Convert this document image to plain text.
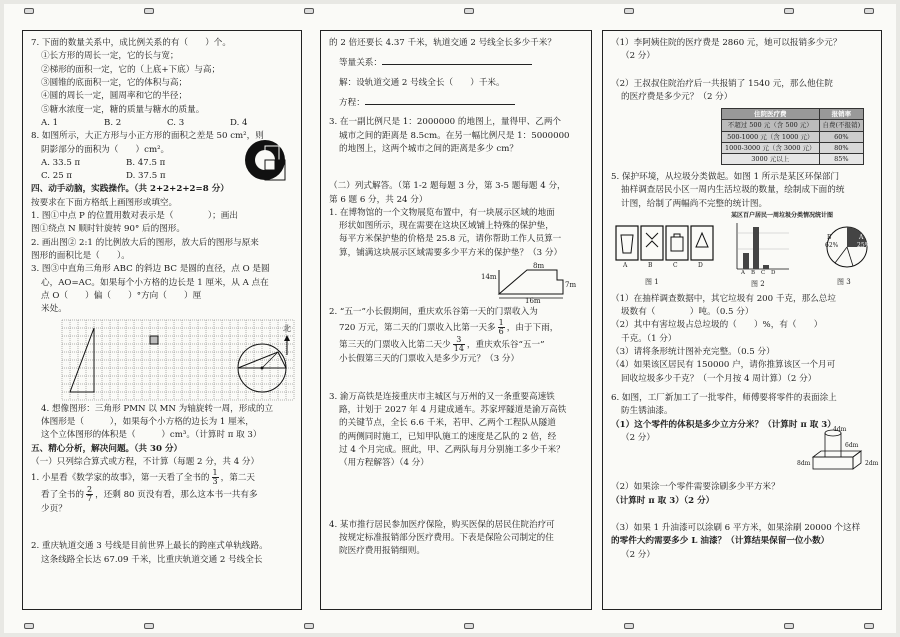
7. 下面的数量关系中，成比例关系的有（　　）个。
①长方形的周长一定，它的长与宽；
②梯形的面积一定，它的（上底+下底）与高；
③圆锥的底面积一定，它的体积与高；
④圆的周长一定，圆周率和它的半径；
⑤糖水浓度一定，糖的质量与糖水的质量。
A. 1	B. 2	C. 3	D. 4
8. 如图所示，大正方形与小正方形的面积之差是 50 cm²，则
阴影部分的面积为（　　）cm²。
A. 33.5 π	B. 47.5 π
C. 25 π	D. 37.5 π
四、动手动脑，实践操作。（共 2+2+2+2=8 分）
按要求在下面方格纸上画图形或填空。
1. 图①中点 P 的位置用数对表示是（　　　　）；画出
图①绕点 N 顺时针旋转 90° 后的图形。
2. 画出图② 2:1 的比例放大后的图形，放大后的图形与原来
图形的面积比是（　　）。
3. 图③中直角三角形 ABC 的斜边 BC 是圆的直径，点 O 是圆
心，AO=AC。如果每个小方格的边长是 1 厘米，从 A 点在
点 O（　　）偏（　　）°方向（　　）厘
米处。
北
4. 想像图形：三角形 PMN 以 MN 为轴旋转一周，形成的立
体图形是（　　　），如果每个小方格的边长为 1 厘米，
这个立体图形的体积是（　　　）cm³。（计算时 π 取 3）
五、精心分析，解决问题。（共 30 分）
（一）只列综合算式或方程，不计算（每题 2 分，共 4 分）
1. 小星看《数学家的故事》，第一天看了全书的 $\frac{1}{3}$ ，第二天
看了全书的 $\frac{2}{7}$ ，还剩 80 页没有看，那么这本书一共有多
少页？
2. 重庆轨道交通 3 号线是目前世界上最长的跨座式单轨线路。
这条线路全长达 67.09 千米，比重庆轨道交通 2 号线全长
的 2 倍还要长 4.37 千米，轨道交通 2 号线全长多少千米？
等量关系：
解：设轨道交通 2 号线全长（　　）千米。
方程：
3. 在一副比例尺是 1：2000000 的地图上，量得甲、乙两个
城市之间的距离是 8.5cm。在另一幅比例尺是 1：5000000
的地图上，这两个城市之间的距离是多少 cm？
（二）列式解答。（第 1-2 题每题 3 分，第 3-5 题每题 4 分，
第 6 题 6 分，共 24 分）
1. 在博物馆的一个文物展览布置中，有一块展示区域的地面
形状如图所示，现在需要在这块区域铺上特殊的保护垫，
每平方米保护垫的价格是 25.8 元，请你帮助工作人员算一
算，铺满这块展示区域需要多少平方米的保护垫？（3 分）
8m
14m
7m
16m
2. “五一”小长假期间，重庆欢乐谷第一天的门票收入为
720 万元，第二天的门票收入比第一天多 $\frac{1}{6}$ ，由于下雨，
第三天的门票收入比第二天少 $\frac{3}{14}$ ，重庆欢乐谷“五一”
小长假第三天的门票收入是多少万元？（3 分）
3. 渝万高铁是连接重庆市主城区与万州的又一条重要高速铁
路，计划于 2027 年 4 月建成通车。苏家坪隧道是渝万高铁
的关键节点，全长 6.6 千米，若甲、乙两个工程队从隧道
的两侧同时施工，已知甲队施工的速度是乙队的 2 倍，经
过 4 个月完成。照此，甲、乙两队每月分别施工多少千米？
（用方程解答）（4 分）
4. 某市推行居民参加医疗保险，购买医保的居民住院治疗可
按规定标准报销部分医疗费用。下表是保险公司制定的住
院医疗费用报销细则。
（1）李阿姨住院的医疗费是 2860 元，她可以报销多少元？
（2 分）
（2）王叔叔住院治疗后一共报销了 1540 元，那么他住院
的医疗费是多少元？（2 分）
住院医疗费	报销率
不超过 500 元（含 500 元）	自费(不报销)
500-1000 元（含 1000 元）	60%
1000-3000 元（含 3000 元）	80%
3000 元以上	85%
5. 保护环境，从垃圾分类做起。如图 1 所示是某区环保部门
抽样调查居民小区一周内生活垃圾的数量，绘制成下面的统
计图，给制了两幅尚不完整的统计图。
某区百户居民一周垃圾分类情况统计图
A	B	C	D
A	B	C	D
B
62%
A
25%
图 1	图 2	图 3
（1）在抽样调查数据中，其它垃圾有 200 千克，那么总垃
圾数有（　　　　）吨。（0.5 分）
（2）其中有害垃圾占总垃圾的（　　）%，有（　　）
千克。（1 分）
（3）请将条形统计图补充完整。（0.5 分）
（4）如果该区居民有 150000 户，请你推算该区一个月可
回收垃圾多少千克？（一个月按 4 周计算）（2 分）
6. 如图，工厂新加工了一批零件，师傅要将零件的表面涂上
防生锈油漆。
（1）这个零件的体积是多少立方分米？（计算时 π 取 3）
（2 分）
4dm
6dm
8dm	2dm
（2）如果涂一个零件需要涂刷多少平方米？
（计算时 π 取 3）（2 分）
（3）如果 1 升油漆可以涂刷 6 平方米，如果涂刷 20000 个这样
的零件大约需要多少 L 油漆？（计算结果保留一位小数）
（2 分）
